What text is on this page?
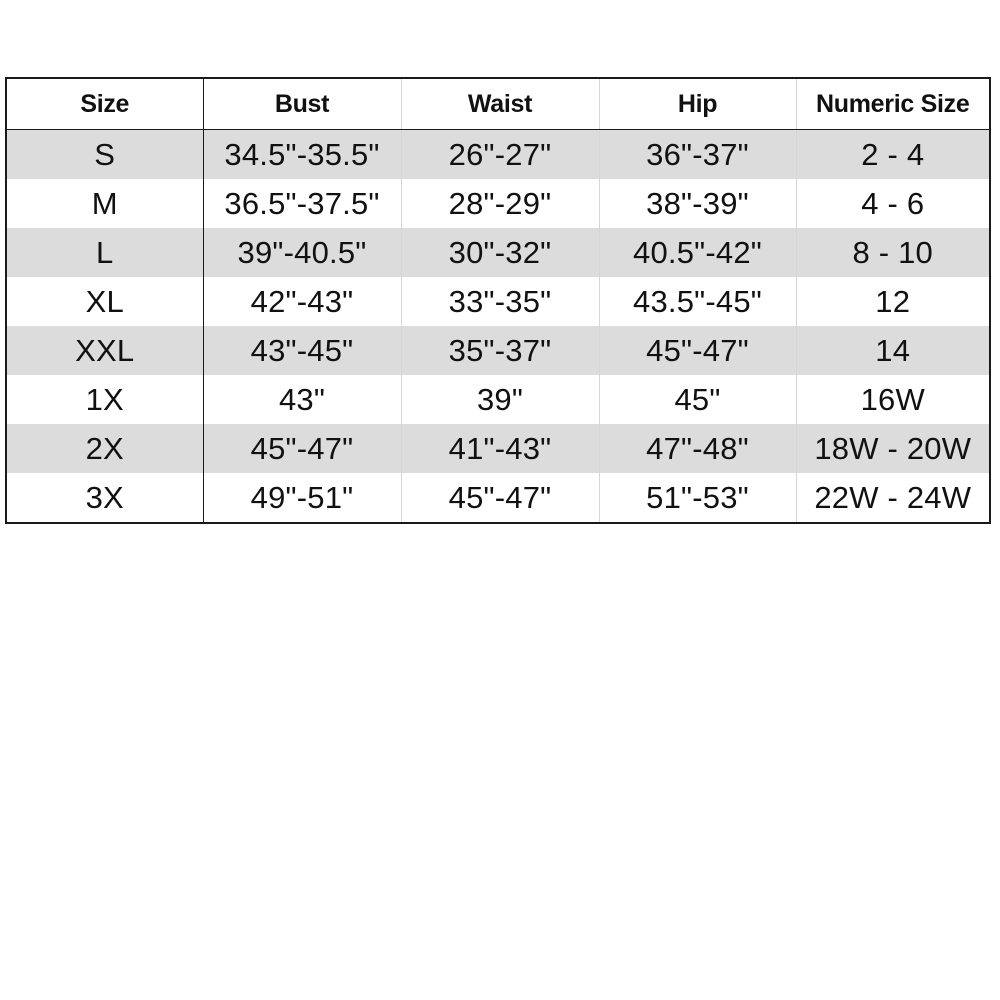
Size	Bust	Waist	Hip	Numeric Size
S	34.5"-35.5"	26"-27"	36"-37"	2 - 4
M	36.5"-37.5"	28"-29"	38"-39"	4 - 6
L	39"-40.5"	30"-32"	40.5"-42"	8 - 10
XL	42"-43"	33"-35"	43.5"-45"	12
XXL	43"-45"	35"-37"	45"-47"	14
1X	43"	39"	45"	16W
2X	45"-47"	41"-43"	47"-48"	18W - 20W
3X	49"-51"	45"-47"	51"-53"	22W - 24W
